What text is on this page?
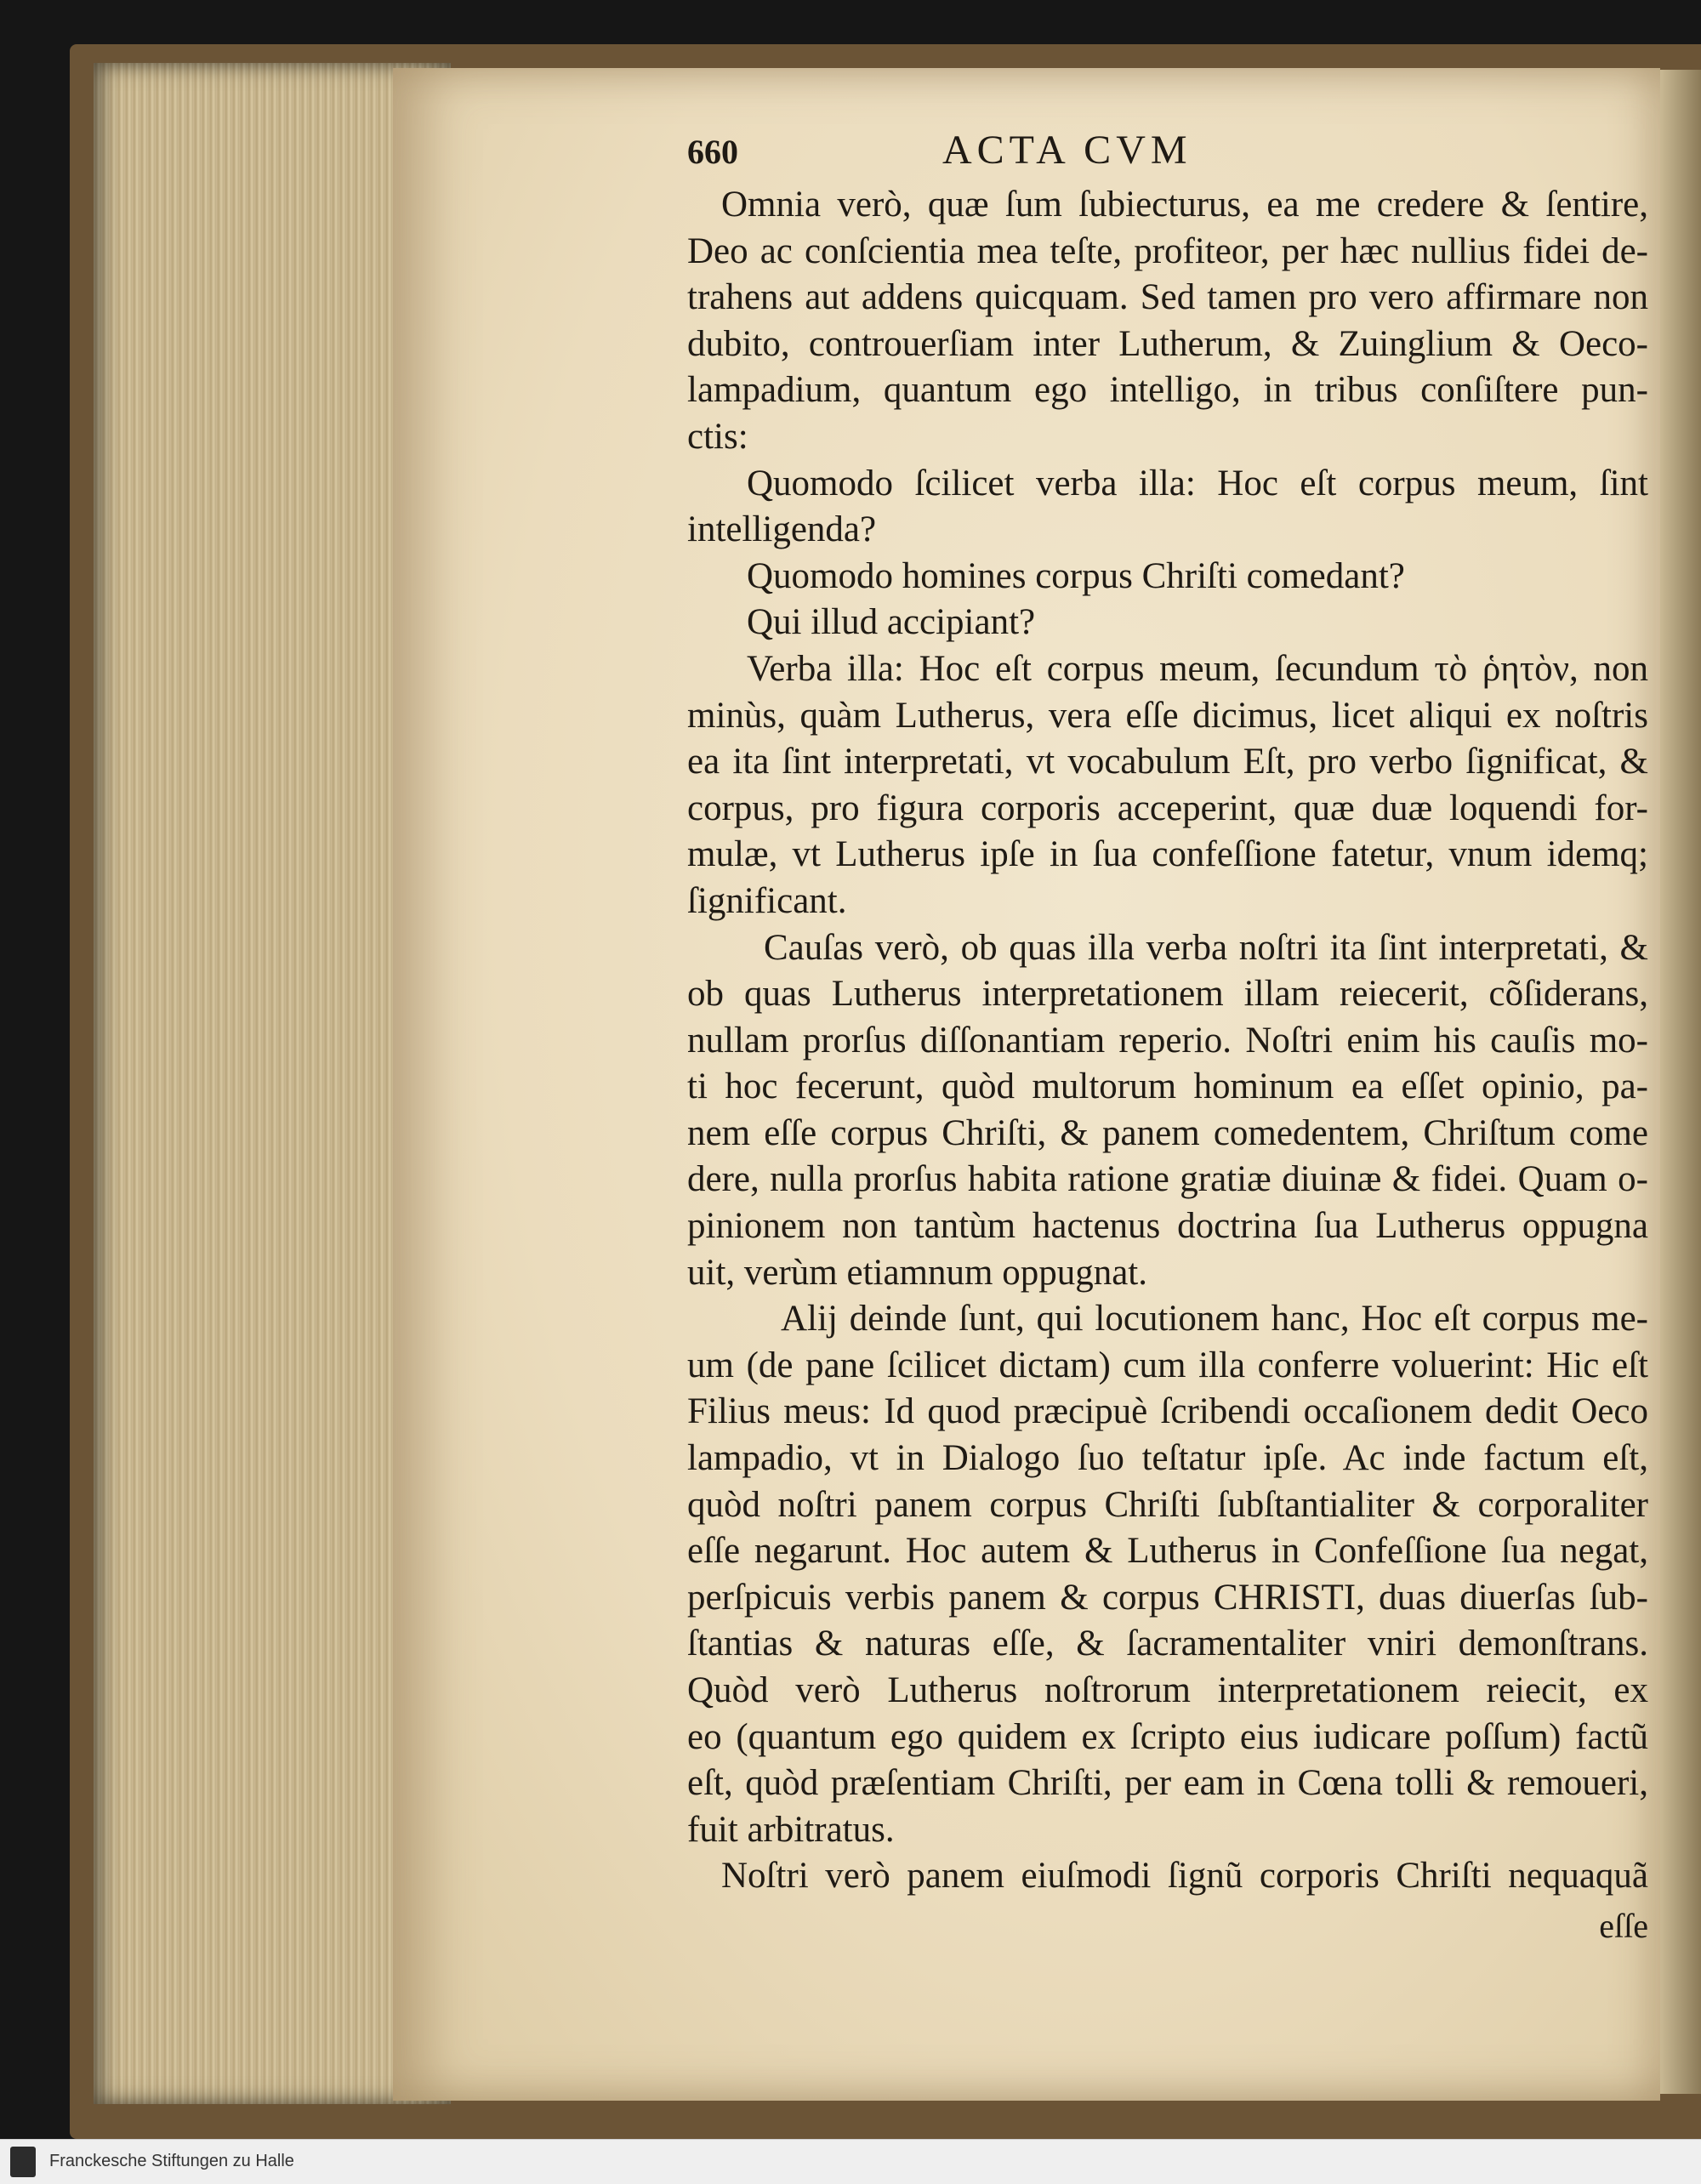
660	ACTA CVM
Omnia verò, quæ ſum ſubiecturus, ea me credere & ſentire,
Deo ac conſcientia mea teſte, profiteor, per hæc nullius fidei de-
trahens aut addens quicquam. Sed tamen pro vero affirmare non
dubito, controuerſiam inter Lutherum, & Zuinglium & Oeco-
lampadium, quantum ego intelligo, in tribus conſiſtere pun-
ctis:
Quomodo ſcilicet verba illa: Hoc eſt corpus meum, ſint
intelligenda?
Quomodo homines corpus Chriſti comedant?
Qui illud accipiant?
Verba illa: Hoc eſt corpus meum, ſecundum τὸ ῥητὸν, non
minùs, quàm Lutherus, vera eſſe dicimus, licet aliqui ex noſtris
ea ita ſint interpretati, vt vocabulum Eſt, pro verbo ſignificat, &
corpus, pro figura corporis acceperint, quæ duæ loquendi for-
mulæ, vt Lutherus ipſe in ſua confeſſione fatetur, vnum idemq;
ſignificant.
Cauſas verò, ob quas illa verba noſtri ita ſint interpretati, &
ob quas Lutherus interpretationem illam reiecerit, cõſiderans,
nullam prorſus diſſonantiam reperio. Noſtri enim his cauſis mo-
ti hoc fecerunt, quòd multorum hominum ea eſſet opinio, pa-
nem eſſe corpus Chriſti, & panem comedentem, Chriſtum come
dere, nulla prorſus habita ratione gratiæ diuinæ & fidei. Quam o-
pinionem non tantùm hactenus doctrina ſua Lutherus oppugna
uit, verùm etiamnum oppugnat.
Alij deinde ſunt, qui locutionem hanc, Hoc eſt corpus me-
um (de pane ſcilicet dictam) cum illa conferre voluerint: Hic eſt
Filius meus: Id quod præcipuè ſcribendi occaſionem dedit Oeco
lampadio, vt in Dialogo ſuo teſtatur ipſe. Ac inde factum eſt,
quòd noſtri panem corpus Chriſti ſubſtantialiter & corporaliter
eſſe negarunt. Hoc autem & Lutherus in Confeſſione ſua negat,
perſpicuis verbis panem & corpus CHRISTI, duas diuerſas ſub-
ſtantias & naturas eſſe, & ſacramentaliter vniri demonſtrans.
Quòd verò Lutherus noſtrorum interpretationem reiecit, ex
eo (quantum ego quidem ex ſcripto eius iudicare poſſum) factũ
eſt, quòd præſentiam Chriſti, per eam in Cœna tolli & remoueri,
fuit arbitratus.
Noſtri verò panem eiuſmodi ſignũ corporis Chriſti nequaquã
eſſe
Franckesche Stiftungen zu Halle
